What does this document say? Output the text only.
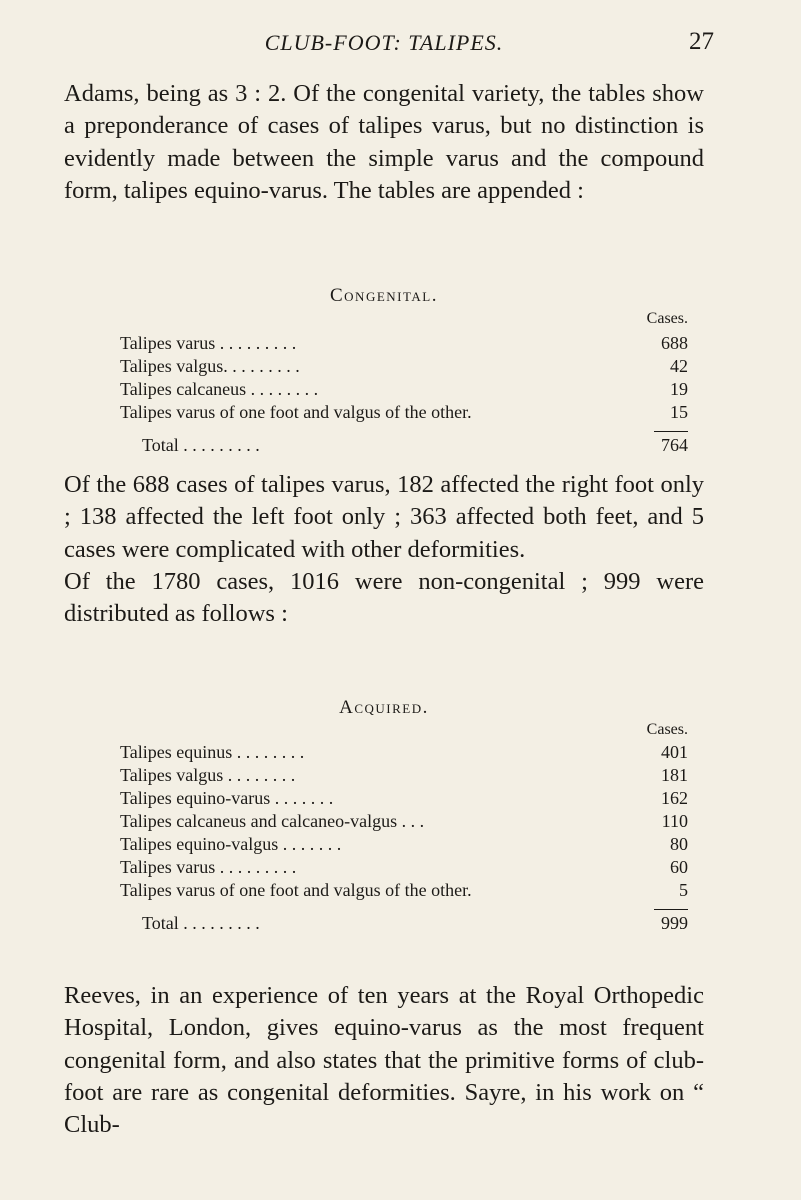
CLUB-FOOT: TALIPES.	27

Adams, being as 3 : 2. Of the congenital variety, the tables show a preponderance of cases of talipes varus, but no distinction is evidently made between the simple varus and the compound form, talipes equino-varus. The tables are appended :

Congenital.
Cases.
Talipes varus . . . . . . . . .	688
Talipes valgus. . . . . . . . .	42
Talipes calcaneus . . . . . . . .	19
Talipes varus of one foot and valgus of the other.	15
Total . . . . . . . . .	764
Of the 688 cases of talipes varus, 182 affected the right foot only ; 138 affected the left foot only ; 363 affected both feet, and 5 cases were complicated with other deformities.
Of the 1780 cases, 1016 were non-congenital ; 999 were distributed as follows :
Acquired.
Cases.
Talipes equinus . . . . . . . .	401
Talipes valgus . . . . . . . .	181
Talipes equino-varus . . . . . . .	162
Talipes calcaneus and calcaneo-valgus . . .	110
Talipes equino-valgus . . . . . . .	80
Talipes varus . . . . . . . . .	60
Talipes varus of one foot and valgus of the other.	5
Total . . . . . . . . .	999

Reeves, in an experience of ten years at the Royal Orthopedic Hospital, London, gives equino-varus as the most frequent congenital form, and also states that the primitive forms of club-foot are rare as congenital deformities. Sayre, in his work on “ Club-
